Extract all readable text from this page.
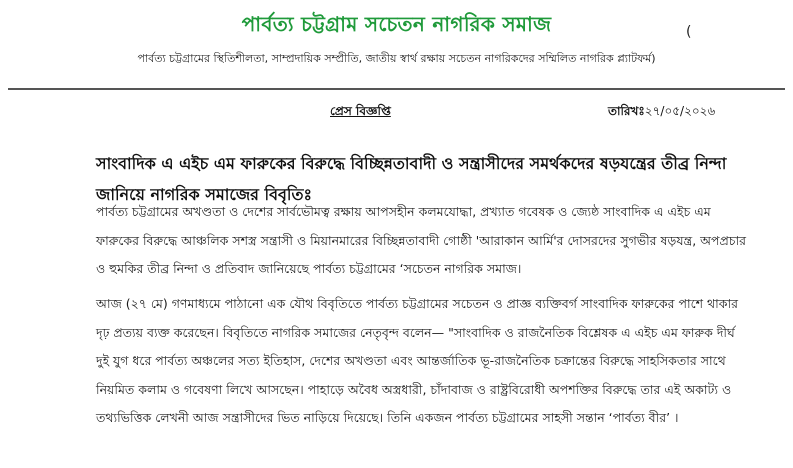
পার্বত্য চট্টগ্রাম সচেতন নাগরিক সমাজ	(
পার্বত্য চট্টগ্রামের স্থিতিশীলতা, সাম্প্রদায়িক সম্প্রীতি, জাতীয় স্বার্থ রক্ষায় সচেতন নাগরিকদের সম্মিলিত নাগরিক প্ল্যাটফর্ম)
প্রেস বিজ্ঞপ্তি	তারিখঃ২৭/০৫/২০২৬
সাংবাদিক এ এইচ এম ফারুকের বিরুদ্ধে বিচ্ছিন্নতাবাদী ও সন্ত্রাসীদের সমর্থকদের ষড়যন্ত্রের তীব্র নিন্দা জানিয়ে নাগরিক সমাজের বিবৃতিঃ
পার্বত্য চট্টগ্রামের অখণ্ডতা ও দেশের সার্বভৌমত্ব রক্ষায় আপসহীন কলমযোদ্ধা, প্রখ্যাত গবেষক ও জ্যেষ্ঠ সাংবাদিক এ এইচ এম ফারুকের বিরুদ্ধে আঞ্চলিক সশস্ত্র সন্ত্রাসী ও মিয়ানমারের বিচ্ছিন্নতাবাদী গোষ্ঠী 'আরাকান আর্মি'র দোসরদের সুগভীর ষড়যন্ত্র, অপপ্রচার ও হুমকির তীব্র নিন্দা ও প্রতিবাদ জানিয়েছে পার্বত্য চট্টগ্রামের ‘সচেতন নাগরিক সমাজ।
আজ (২৭ মে) গণমাধ্যমে পাঠানো এক যৌথ বিবৃতিতে পার্বত্য চট্টগ্রামের সচেতন ও প্রাজ্ঞ ব্যক্তিবর্গ সাংবাদিক ফারুকের পাশে থাকার দৃঢ় প্রত্যয় ব্যক্ত করেছেন। বিবৃতিতে নাগরিক সমাজের নেতৃবৃন্দ বলেন— "সাংবাদিক ও রাজনৈতিক বিশ্লেষক এ এইচ এম ফারুক দীর্ঘ দুই যুগ ধরে পার্বত্য অঞ্চলের সত্য ইতিহাস, দেশের অখণ্ডতা এবং আন্তর্জাতিক ভূ-রাজনৈতিক চক্রান্তের বিরুদ্ধে সাহসিকতার সাথে নিয়মিত কলাম ও গবেষণা লিখে আসছেন। পাহাড়ে অবৈধ অস্ত্রধারী, চাঁদাবাজ ও রাষ্ট্রবিরোধী অপশক্তির বিরুদ্ধে তার এই অকাট্য ও তথ্যভিত্তিক লেখনী আজ সন্ত্রাসীদের ভিত নাড়িয়ে দিয়েছে। তিনি একজন পার্বত্য চট্টগ্রামের সাহসী সন্তান ‘পার্বত্য বীর’ ।
